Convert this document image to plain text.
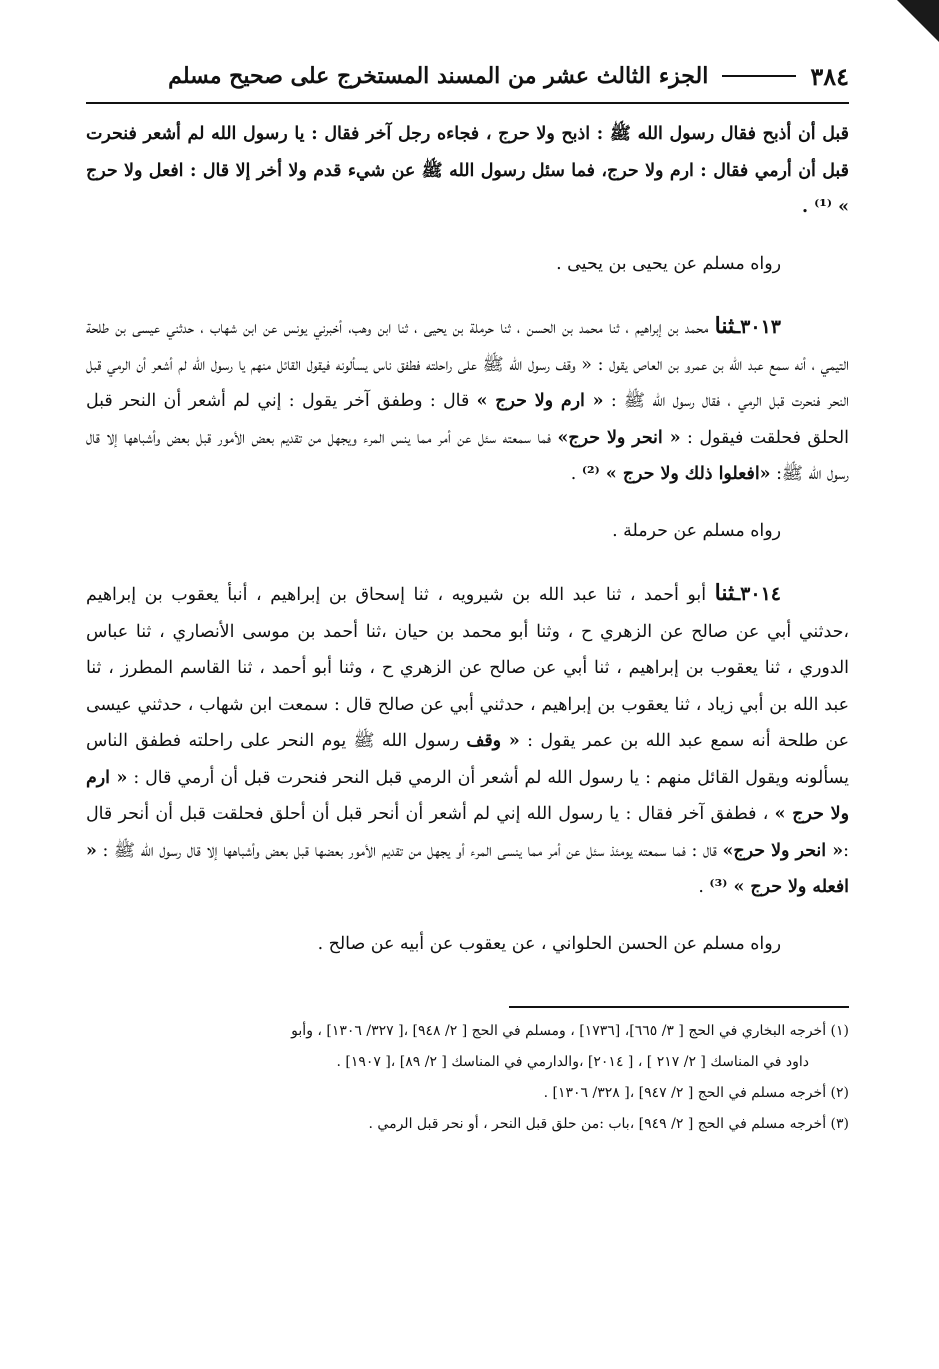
٣٨٤
الجزء الثالث عشر من المسند المستخرج على صحيح مسلم

قبل أن أذبح فقال رسول الله ﷺ : اذبح ولا حرج ، فجاءه رجل آخر فقال : يا رسول الله لم أشعر فنحرت قبل أن أرمي فقال : ارم ولا حرج، فما سئل رسول الله ﷺ عن شيء قدم ولا أخر إلا قال : افعل ولا حرج » ⁽¹⁾ .

رواه مسلم عن يحيى بن يحيى .

٣٠١٣ـثنا محمد بن إبراهيم ، ثنا محمد بن الحسن ، ثنا حرملة بن يحيى ، ثنا ابن وهب، أخبرني يونس عن ابن شهاب ، حدثني عيسى بن طلحة التيمي ، أنه سمع عبد الله بن عمرو بن العاص يقول : « وقف رسول الله ﷺ على راحلته فطفق ناس يسألونه فيقول القائل منهم يا رسول الله لم أشعر أن الرمي قبل النحر فنحرت قبل الرمي ، فقال رسول الله ﷺ : « ارم ولا حرج » قال : وطفق آخر يقول : إني لم أشعر أن النحر قبل الحلق فحلقت فيقول : « انحر ولا حرج» فما سمعته سئل عن أمر مما ينس المرء ويجهل من تقديم بعض الأمور قبل بعض وأشباهها إلا قال رسول الله ﷺ: «افعلوا ذلك ولا حرج » ⁽²⁾ .

رواه مسلم عن حرملة .

٣٠١٤ـثنا أبو أحمد ، ثنا عبد الله بن شيرويه ، ثنا إسحاق بن إبراهيم ، أنبأ يعقوب بن إبراهيم ،حدثني أبي عن صالح عن الزهري ح ، وثنا أبو محمد بن حيان ،ثنا أحمد بن موسى الأنصاري ، ثنا عباس الدوري ، ثنا يعقوب بن إبراهيم ، ثنا أبي عن صالح عن الزهري ح ، وثنا أبو أحمد ، ثنا القاسم المطرز ، ثنا عبد الله بن أبي زياد ، ثنا يعقوب بن إبراهيم ، حدثني أبي عن صالح قال : سمعت ابن شهاب ، حدثني عيسى عن طلحة أنه سمع عبد الله بن عمر يقول : « وقف رسول الله ﷺ يوم النحر على راحلته فطفق الناس يسألونه ويقول القائل منهم : يا رسول الله لم أشعر أن الرمي قبل النحر فنحرت قبل أن أرمي قال : « ارم ولا حرج » ، فطفق آخر فقال : يا رسول الله إني لم أشعر أن أنحر قبل أن أحلق فحلقت قبل أن أنحر قال :« انحر ولا حرج» قال : فما سمعته يومئذ سئل عن أمر مما ينسى المرء أو يجهل من تقديم الأمور بعضها قبل بعض وأشباهها إلا قال رسول الله ﷺ : « افعله ولا حرج » ⁽³⁾ .

رواه مسلم عن الحسن الحلواني ، عن يعقوب عن أبيه عن صالح .

(١) أخرجه البخاري في الحج [ ٣/ ٦٦٥]، [١٧٣٦] ، ومسلم في الحج [ ٢/ ٩٤٨] ،[ ٣٢٧/ ١٣٠٦] ، وأبو

داود في المناسك [ ٢/ ٢١٧ ] ، [ ٢٠١٤] ،والدارمي في المناسك [ ٢/ ٨٩] ،[ ١٩٠٧] .

(٢) أخرجه مسلم في الحج [ ٢/ ٩٤٧] ،[ ٣٢٨/ ١٣٠٦] .

(٣) أخرجه مسلم في الحج [ ٢/ ٩٤٩] ،باب :من حلق قبل النحر ، أو نحر قبل الرمي .
